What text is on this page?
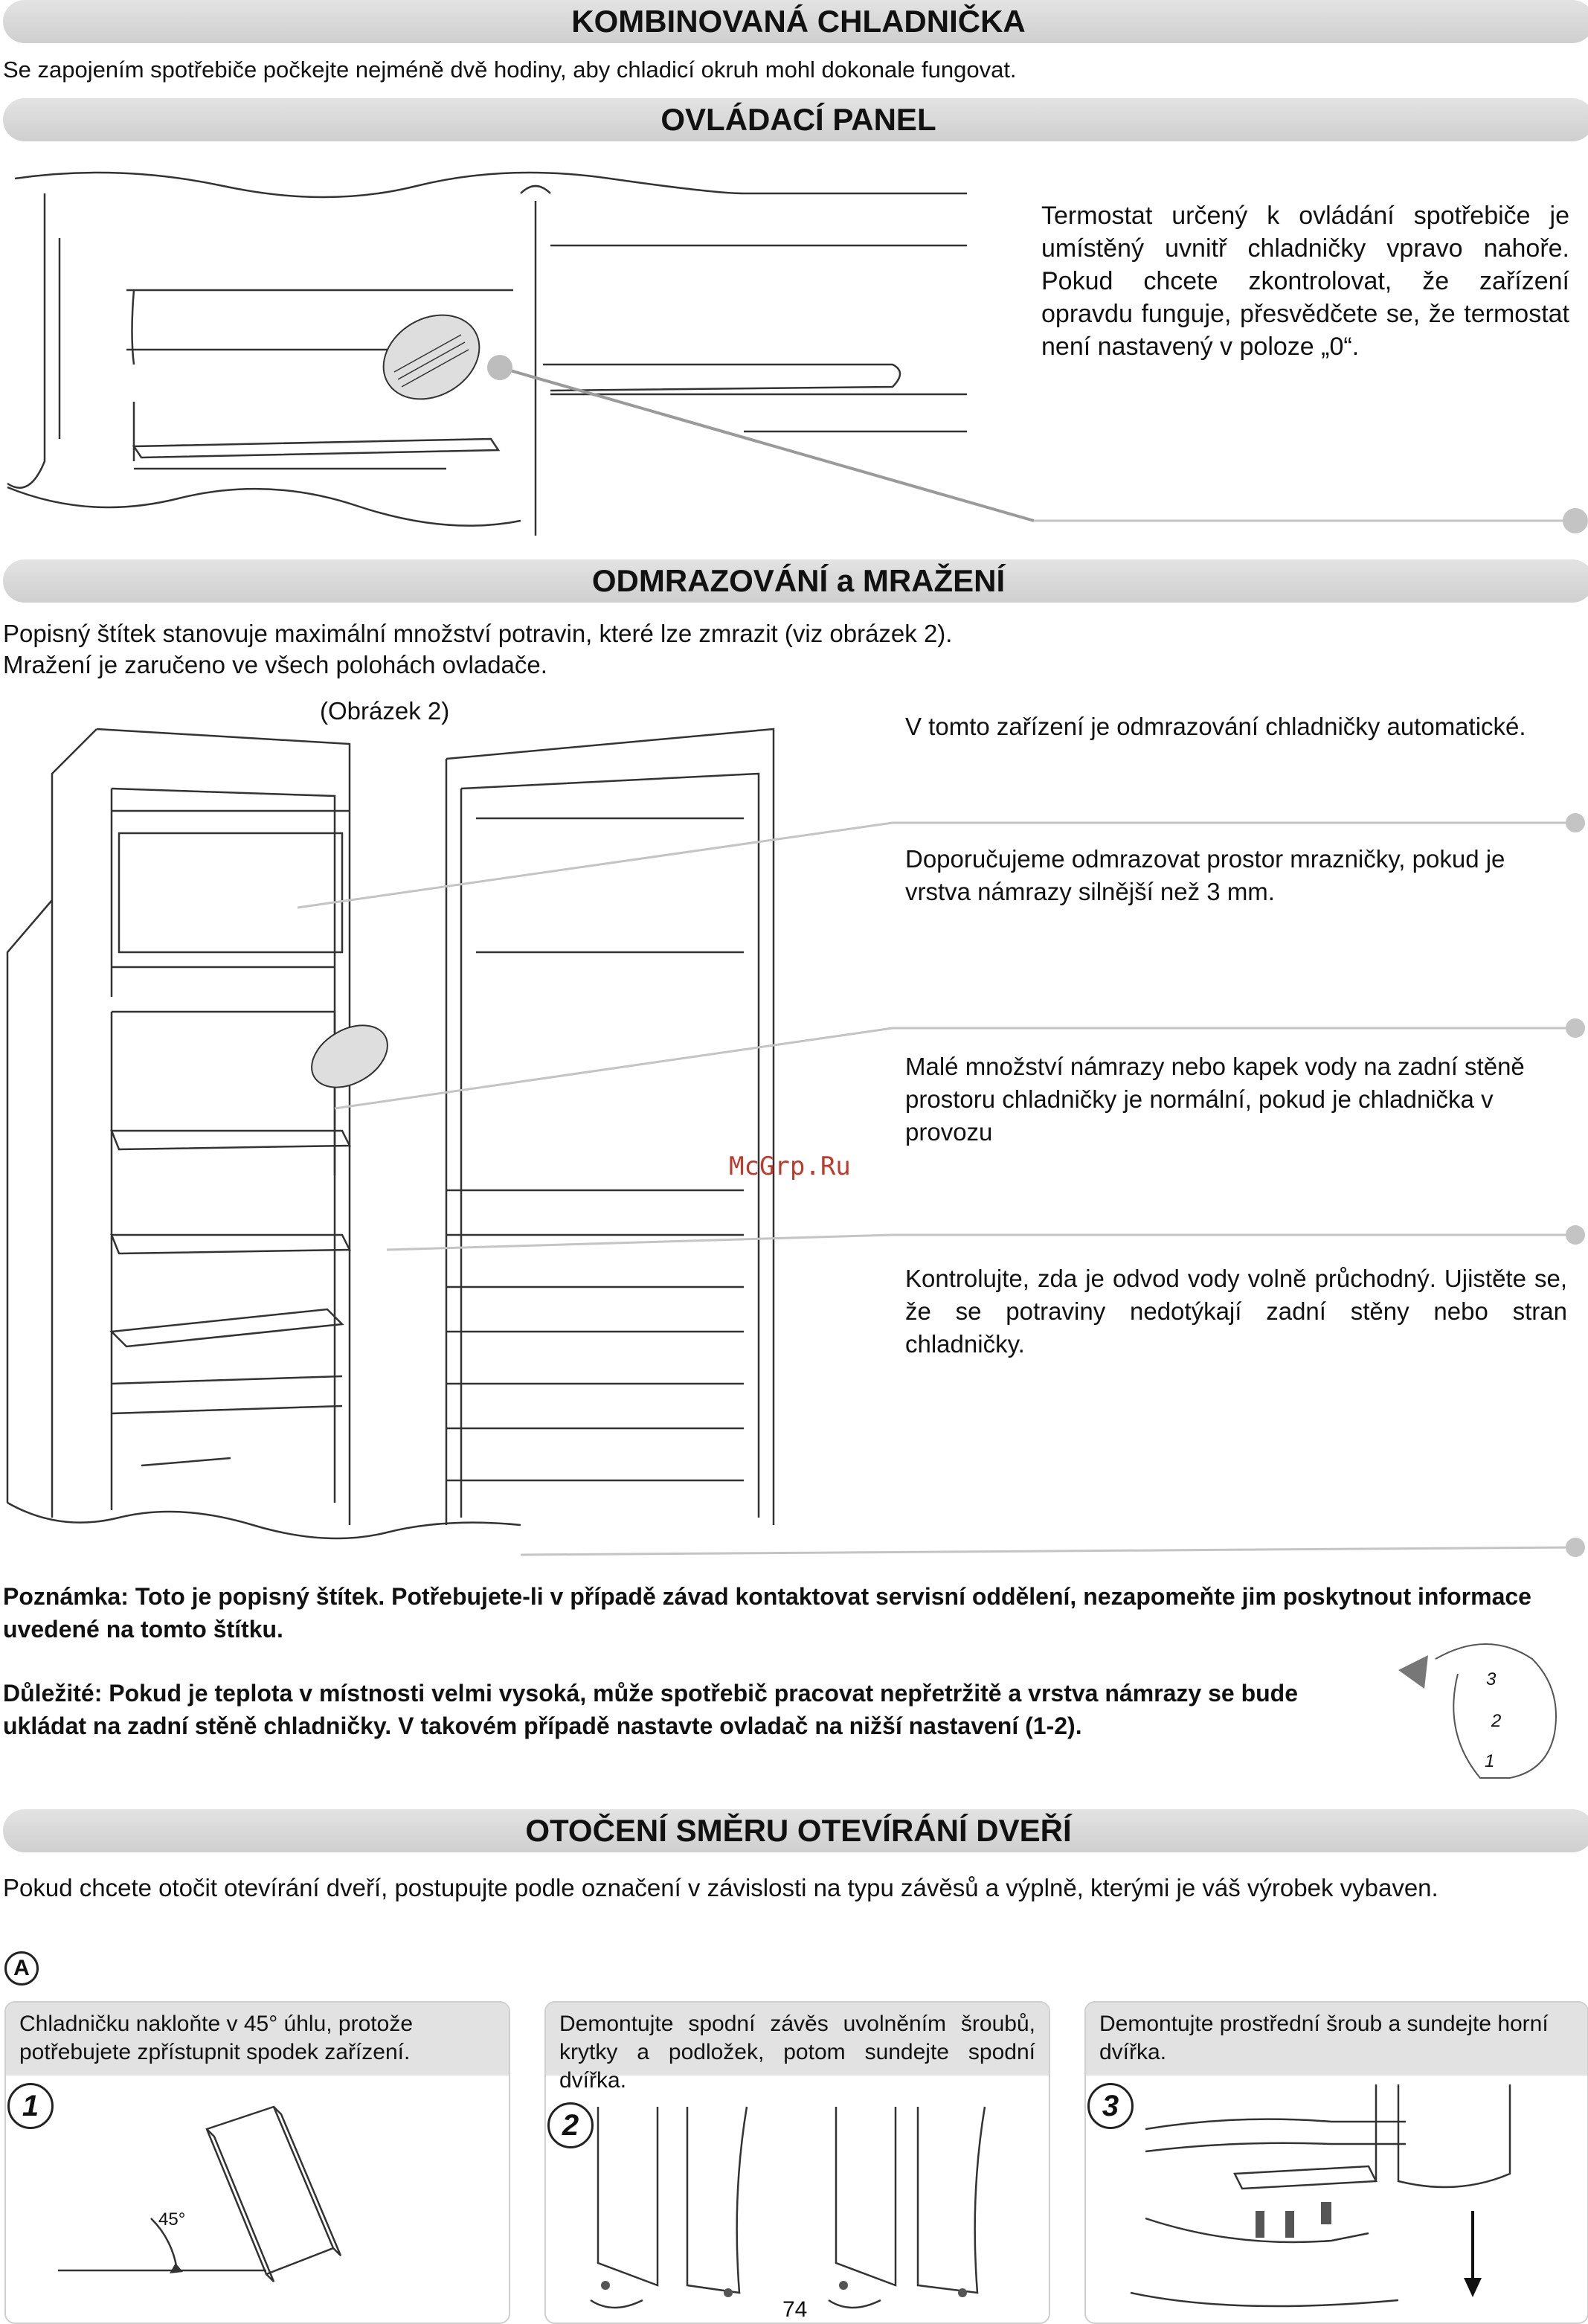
KOMBINOVANÁ CHLADNIČKA
Se zapojením spotřebiče počkejte nejméně dvě hodiny, aby chladicí okruh mohl dokonale fungovat.
OVLÁDACÍ PANEL
Termostat určený k ovládání spotřebiče je umístěný uvnitř chladničky vpravo nahoře. Pokud chcete zkontrolovat, že zařízení opravdu funguje, přesvědčete se, že termostat není nastavený v poloze „0“.
ODMRAZOVÁNÍ a MRAŽENÍ
Popisný štítek stanovuje maximální množství potravin, které lze zmrazit (viz obrázek 2).
Mražení je zaručeno ve všech polohách ovladače.
(Obrázek 2)
McGrp.Ru
V tomto zařízení je odmrazování chladničky automatické.
Doporučujeme odmrazovat prostor mrazničky, pokud je vrstva námrazy silnější než 3 mm.
Malé množství námrazy nebo kapek vody na zadní stěně prostoru chladničky je normální, pokud je chladnička v provozu
Kontrolujte, zda je odvod vody volně průchodný. Ujistěte se, že se potraviny nedotýkají zadní stěny nebo stran chladničky.
Poznámka: Toto je popisný štítek. Potřebujete-li v případě závad kontaktovat servisní oddělení, nezapomeňte jim poskytnout informace uvedené na tomto štítku.
Důležité: Pokud je teplota v místnosti velmi vysoká, může spotřebič pracovat nepřetržitě a vrstva námrazy se bude ukládat na zadní stěně chladničky. V takovém případě nastavte ovladač na nižší nastavení (1-2).
3
2
1
OTOČENÍ SMĚRU OTEVÍRÁNÍ DVEŘÍ
Pokud chcete otočit otevírání dveří, postupujte podle označení v závislosti na typu závěsů a výplně, kterými je váš výrobek vybaven.
A
Chladničku nakloňte v 45° úhlu, protože potřebujete zpřístupnit spodek zařízení.
45°
1
Demontujte spodní závěs uvolněním šroubů, krytky a podložek, potom sundejte spodní dvířka.
2
Demontujte prostřední šroub a sundejte horní dvířka.
3
74
